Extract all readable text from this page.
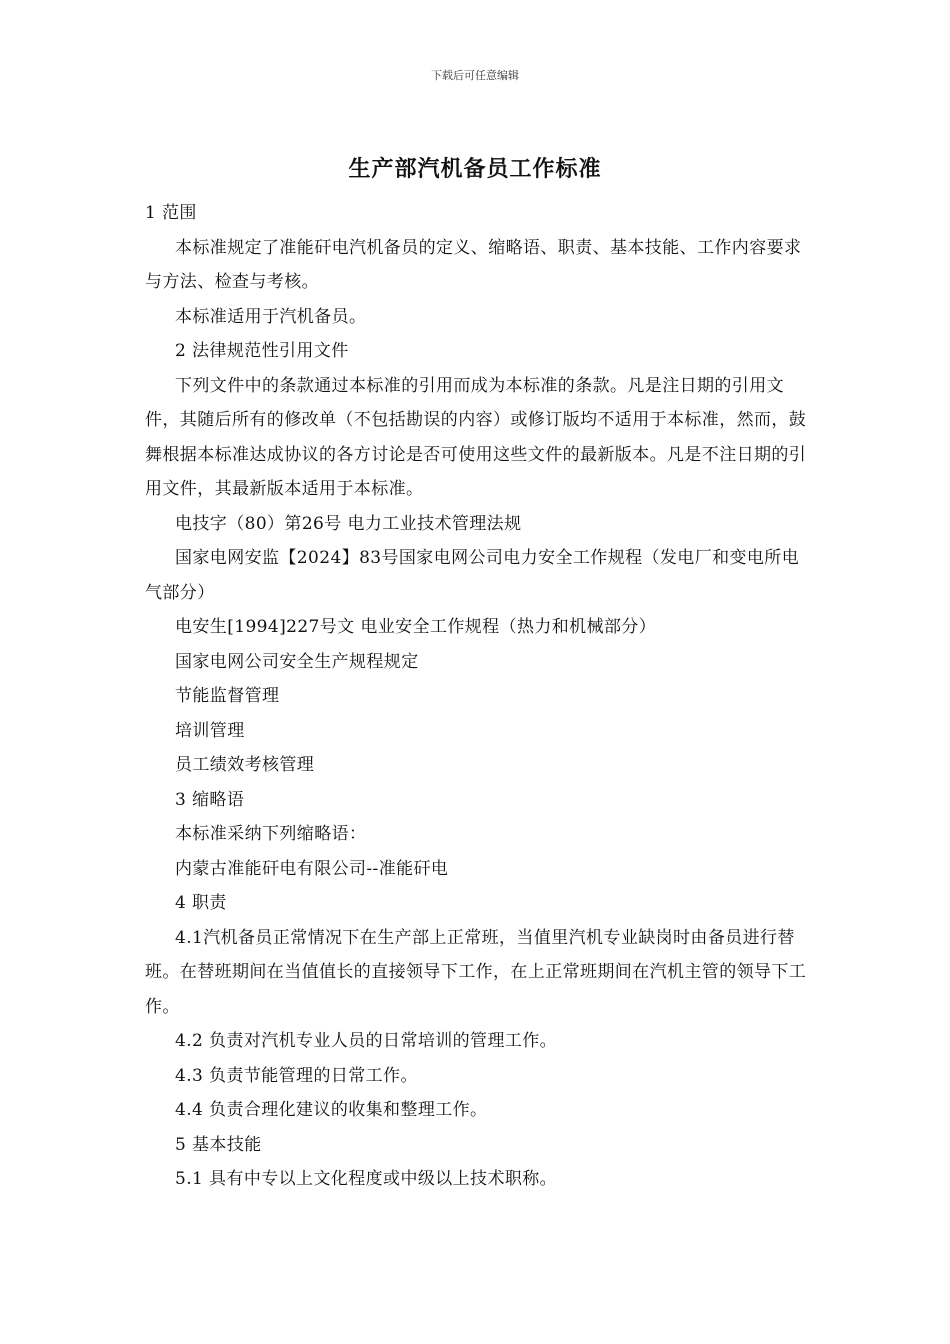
下载后可任意编辑
生产部汽机备员工作标准

1 范围

本标准规定了准能矸电汽机备员的定义、缩略语、职责、基本技能、工作内容要求与方法、检查与考核。

本标准适用于汽机备员。

2 法律规范性引用文件

下列文件中的条款通过本标准的引用而成为本标准的条款。凡是注日期的引用文件，其随后所有的修改单（不包括勘误的内容）或修订版均不适用于本标准，然而，鼓舞根据本标准达成协议的各方讨论是否可使用这些文件的最新版本。凡是不注日期的引用文件，其最新版本适用于本标准。

电技字（80）第26号 电力工业技术管理法规

国家电网安监【2024】83号国家电网公司电力安全工作规程（发电厂和变电所电气部分）

电安生[1994]227号文 电业安全工作规程（热力和机械部分）

国家电网公司安全生产规程规定

节能监督管理

培训管理

员工绩效考核管理

3 缩略语

本标准采纳下列缩略语：

内蒙古准能矸电有限公司--准能矸电

4 职责

4.1汽机备员正常情况下在生产部上正常班，当值里汽机专业缺岗时由备员进行替班。在替班期间在当值值长的直接领导下工作，在上正常班期间在汽机主管的领导下工作。

4.2 负责对汽机专业人员的日常培训的管理工作。

4.3 负责节能管理的日常工作。

4.4 负责合理化建议的收集和整理工作。

5 基本技能

5.1 具有中专以上文化程度或中级以上技术职称。
